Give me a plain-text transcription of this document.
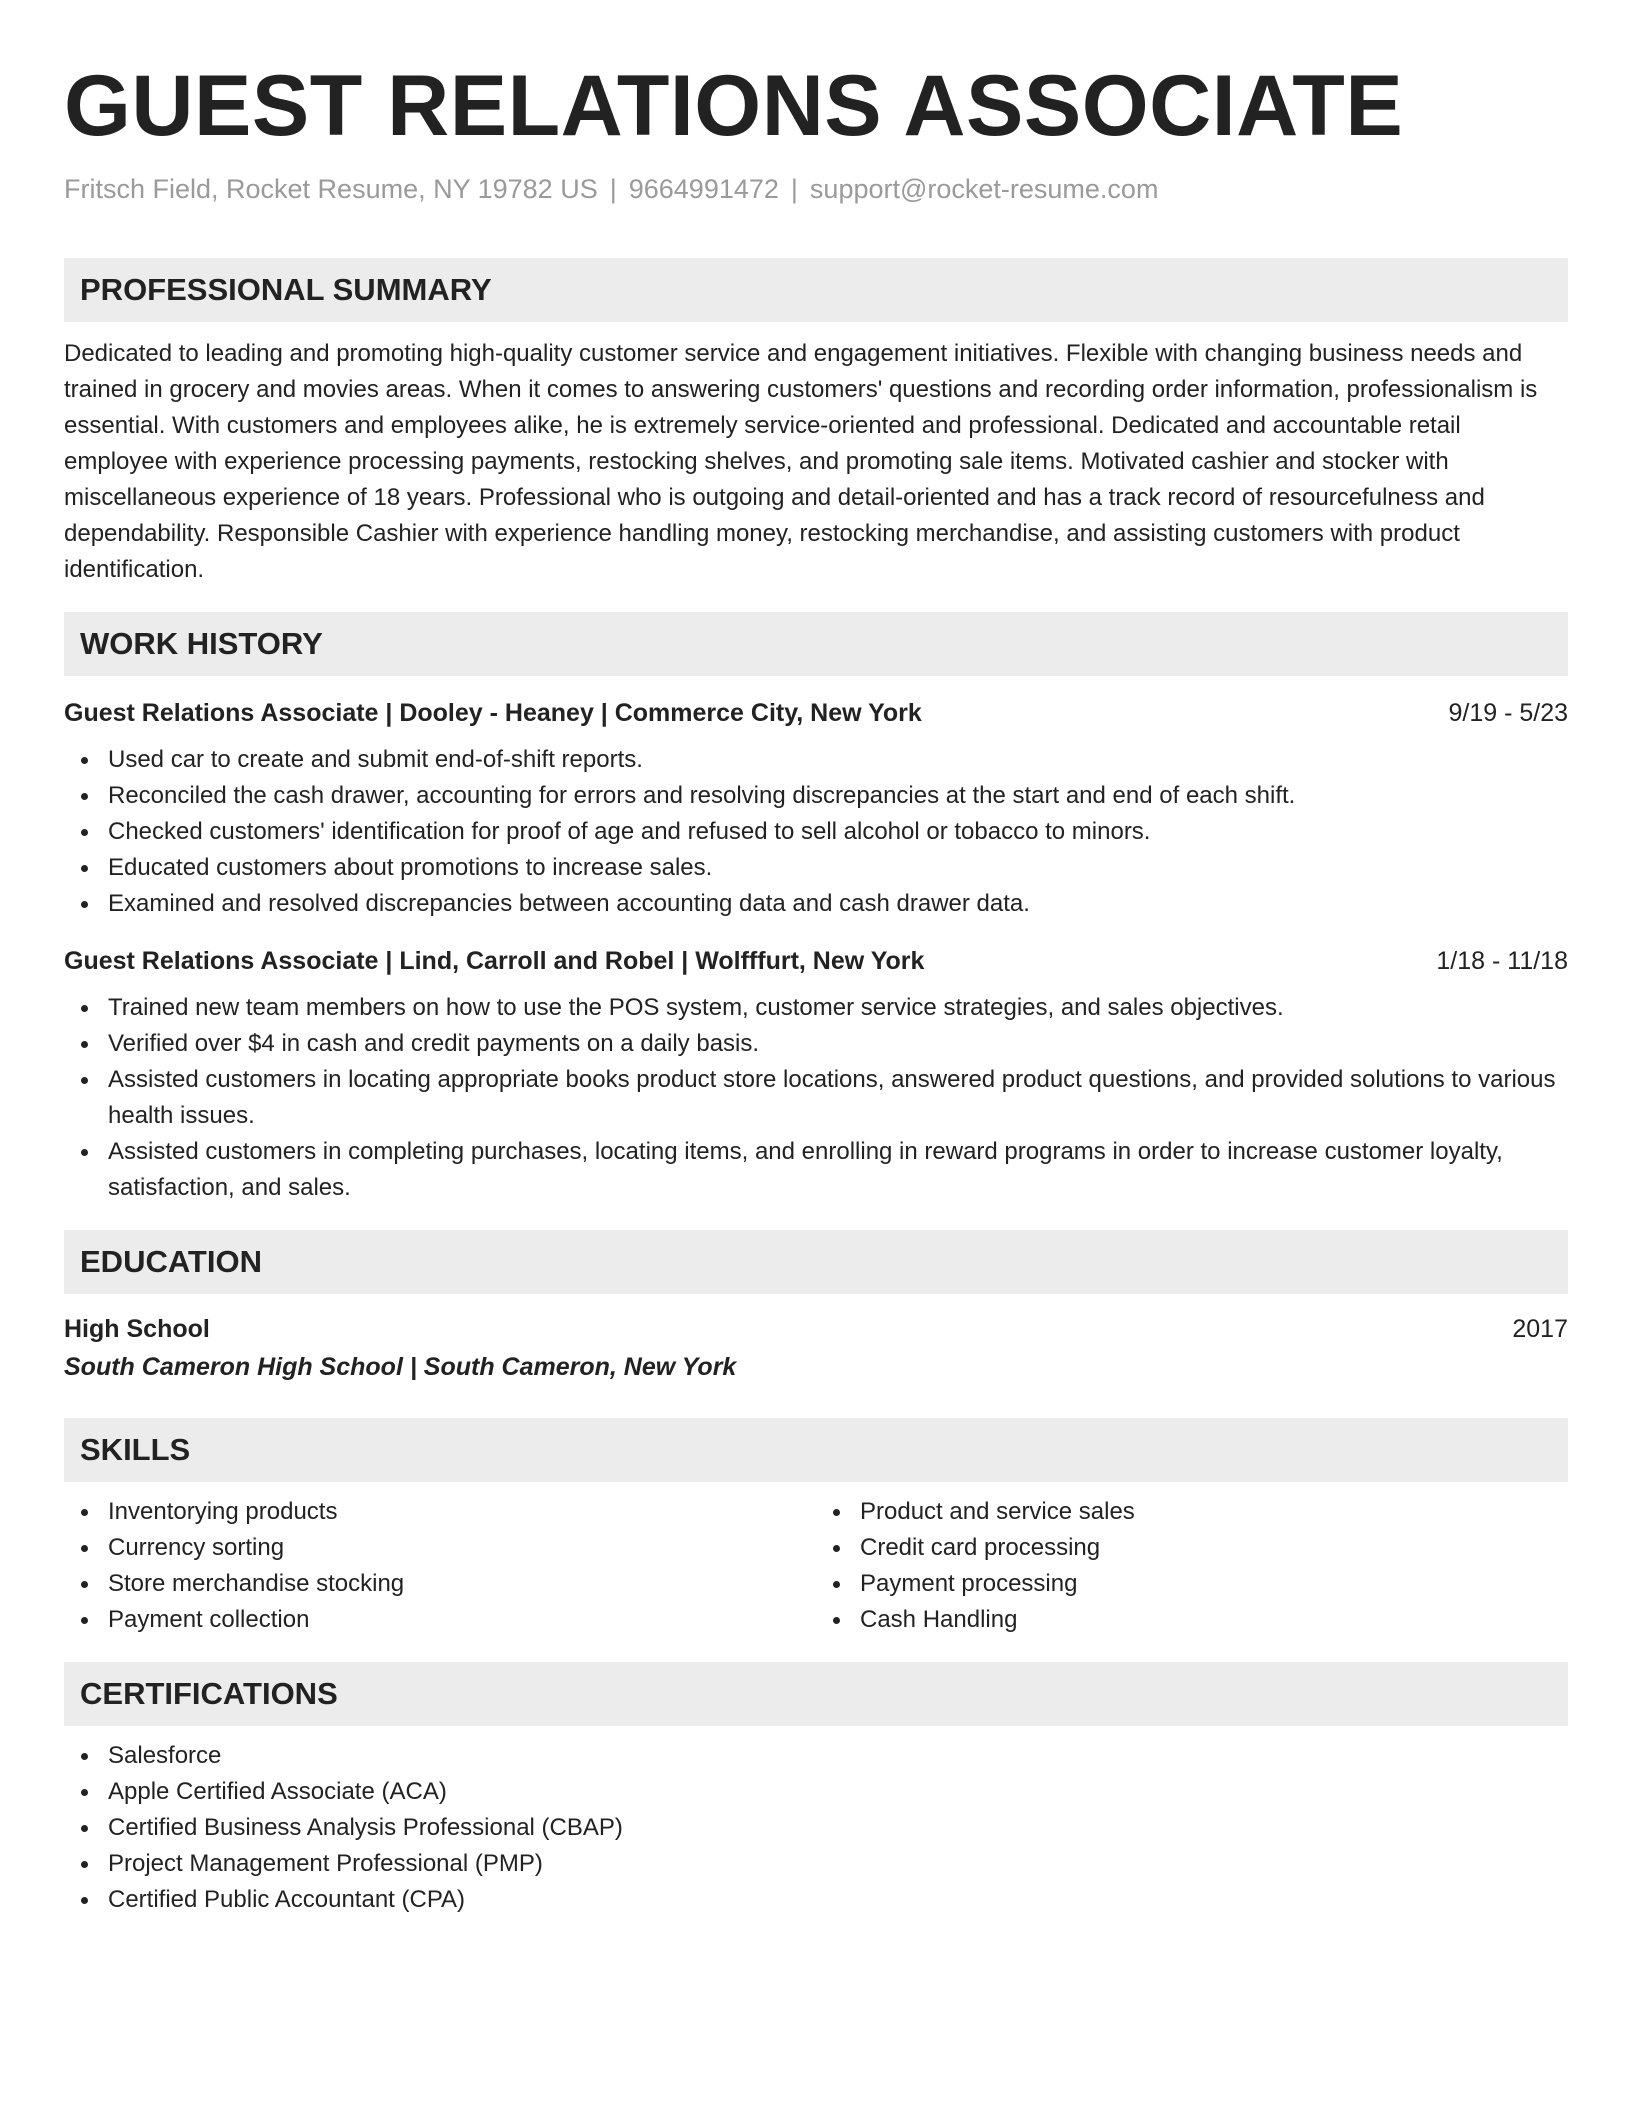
GUEST RELATIONS ASSOCIATE
Fritsch Field, Rocket Resume, NY 19782 US | 9664991472 | support@rocket-resume.com
PROFESSIONAL SUMMARY
Dedicated to leading and promoting high-quality customer service and engagement initiatives. Flexible with changing business needs and trained in grocery and movies areas. When it comes to answering customers' questions and recording order information, professionalism is essential. With customers and employees alike, he is extremely service-oriented and professional. Dedicated and accountable retail employee with experience processing payments, restocking shelves, and promoting sale items. Motivated cashier and stocker with miscellaneous experience of 18 years. Professional who is outgoing and detail-oriented and has a track record of resourcefulness and dependability. Responsible Cashier with experience handling money, restocking merchandise, and assisting customers with product identification.
WORK HISTORY
Guest Relations Associate | Dooley - Heaney | Commerce City, New York	9/19 - 5/23
Used car to create and submit end-of-shift reports.
Reconciled the cash drawer, accounting for errors and resolving discrepancies at the start and end of each shift.
Checked customers' identification for proof of age and refused to sell alcohol or tobacco to minors.
Educated customers about promotions to increase sales.
Examined and resolved discrepancies between accounting data and cash drawer data.
Guest Relations Associate | Lind, Carroll and Robel | Wolfffurt, New York	1/18 - 11/18
Trained new team members on how to use the POS system, customer service strategies, and sales objectives.
Verified over $4 in cash and credit payments on a daily basis.
Assisted customers in locating appropriate books product store locations, answered product questions, and provided solutions to various health issues.
Assisted customers in completing purchases, locating items, and enrolling in reward programs in order to increase customer loyalty, satisfaction, and sales.
EDUCATION
High School	2017
South Cameron High School | South Cameron, New York
SKILLS
Inventorying products
Currency sorting
Store merchandise stocking
Payment collection
Product and service sales
Credit card processing
Payment processing
Cash Handling
CERTIFICATIONS
Salesforce
Apple Certified Associate (ACA)
Certified Business Analysis Professional (CBAP)
Project Management Professional (PMP)
Certified Public Accountant (CPA)
